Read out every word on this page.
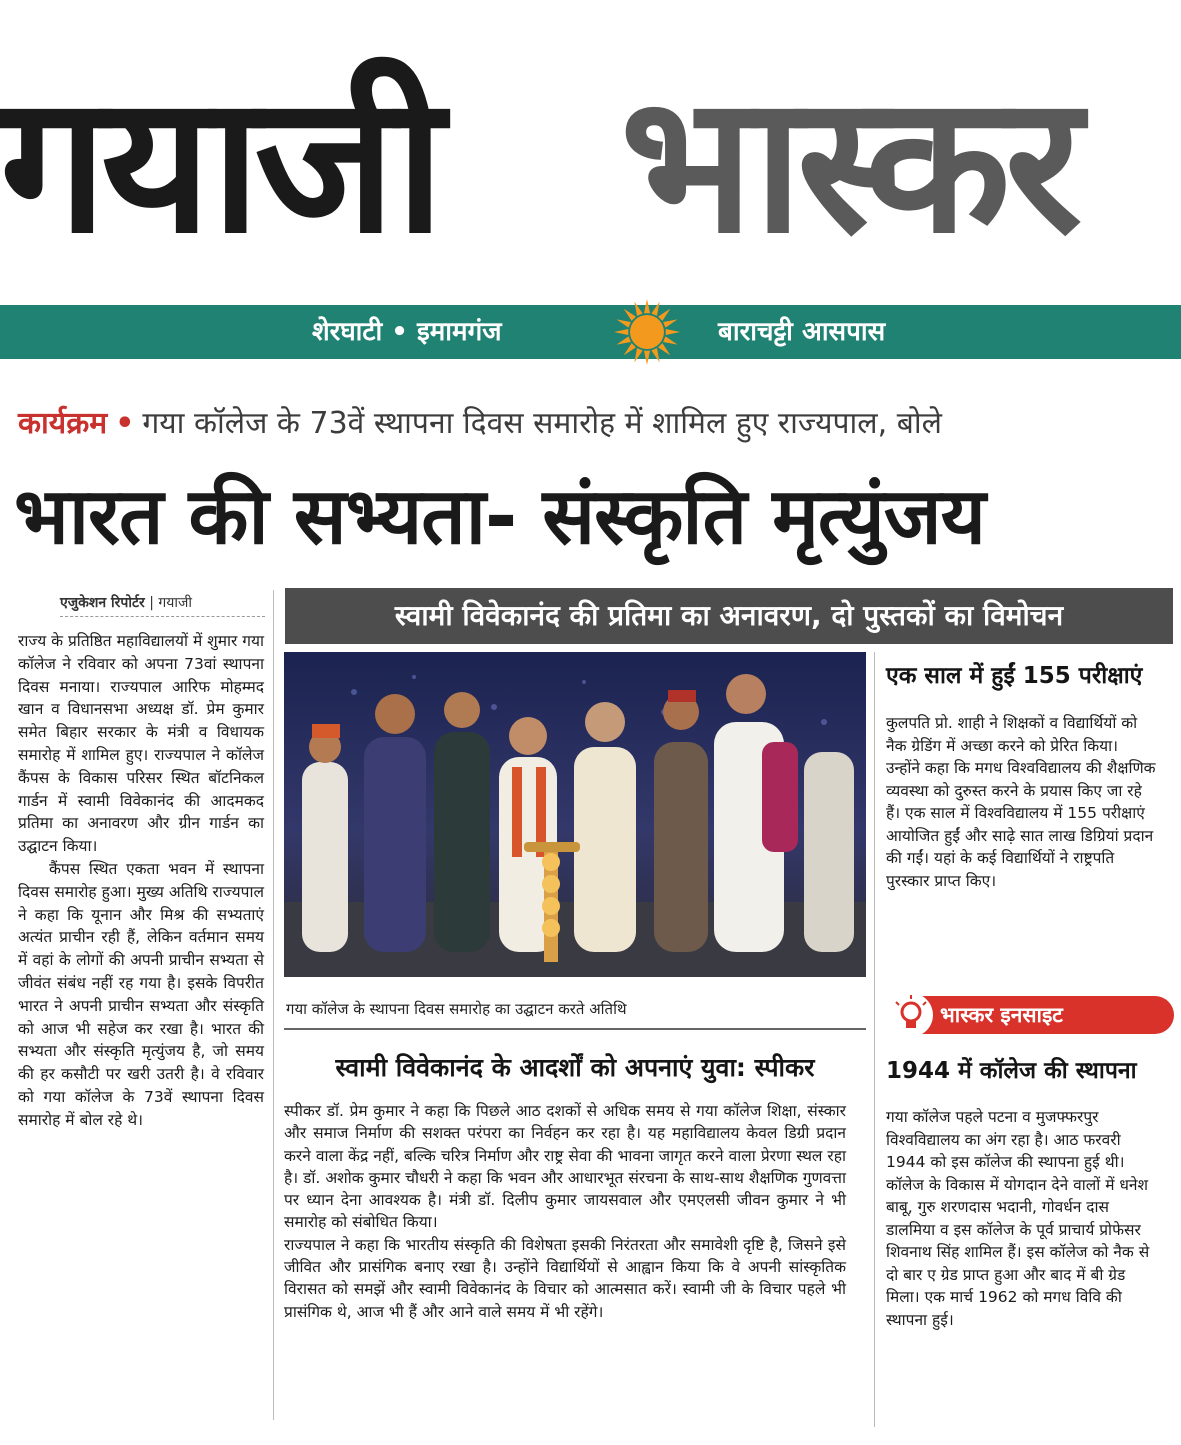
गयाजी भास्कर
शेरघाटी • इमामगंज	बाराचट्टी आसपास
कार्यक्रम • गया कॉलेज के 73वें स्थापना दिवस समारोह में शामिल हुए राज्यपाल, बोले
भारत की सभ्यता- संस्कृति मृत्युंजय
एजुकेशन रिपोर्टर | गयाजी	स्वामी विवेकानंद की प्रतिमा का अनावरण, दो पुस्तकों का विमोचन

राज्य के प्रतिष्ठित महाविद्यालयों में शुमार गया कॉलेज ने रविवार को अपना 73वां स्थापना दिवस मनाया। राज्यपाल आरिफ मोहम्मद खान व विधानसभा अध्यक्ष डॉ. प्रेम कुमार समेत बिहार सरकार के मंत्री व विधायक समारोह में शामिल हुए। राज्यपाल ने कॉलेज कैंपस के विकास परिसर स्थित बॉटनिकल गार्डन में स्वामी विवेकानंद की आदमकद प्रतिमा का अनावरण और ग्रीन गार्डन का उद्घाटन किया।

कैंपस स्थित एकता भवन में स्थापना दिवस समारोह हुआ। मुख्य अतिथि राज्यपाल ने कहा कि यूनान और मिश्र की सभ्यताएं अत्यंत प्राचीन रही हैं, लेकिन वर्तमान समय में वहां के लोगों की अपनी प्राचीन सभ्यता से जीवंत संबंध नहीं रह गया है। इसके विपरीत भारत ने अपनी प्राचीन सभ्यता और संस्कृति को आज भी सहेज कर रखा है। भारत की सभ्यता और संस्कृति मृत्युंजय है, जो समय की हर कसौटी पर खरी उतरी है। वे रविवार को गया कॉलेज के 73वें स्थापना दिवस समारोह में बोल रहे थे।

गया कॉलेज के स्थापना दिवस समारोह का उद्घाटन करते अतिथि
स्वामी विवेकानंद के आदर्शों को अपनाएं युवा: स्पीकर

स्पीकर डॉ. प्रेम कुमार ने कहा कि पिछले आठ दशकों से अधिक समय से गया कॉलेज शिक्षा, संस्कार और समाज निर्माण की सशक्त परंपरा का निर्वहन कर रहा है। यह महाविद्यालय केवल डिग्री प्रदान करने वाला केंद्र नहीं, बल्कि चरित्र निर्माण और राष्ट्र सेवा की भावना जागृत करने वाला प्रेरणा स्थल रहा है। डॉ. अशोक कुमार चौधरी ने कहा कि भवन और आधारभूत संरचना के साथ-साथ शैक्षणिक गुणवत्ता पर ध्यान देना आवश्यक है। मंत्री डॉ. दिलीप कुमार जायसवाल और एमएलसी जीवन कुमार ने भी समारोह को संबोधित किया।

राज्यपाल ने कहा कि भारतीय संस्कृति की विशेषता इसकी निरंतरता और समावेशी दृष्टि है, जिसने इसे जीवित और प्रासंगिक बनाए रखा है। उन्होंने विद्यार्थियों से आह्वान किया कि वे अपनी सांस्कृतिक विरासत को समझें और स्वामी विवेकानंद के विचार को आत्मसात करें। स्वामी जी के विचार पहले भी प्रासंगिक थे, आज भी हैं और आने वाले समय में भी रहेंगे।

एक साल में हुईं 155 परीक्षाएं

कुलपति प्रो. शाही ने शिक्षकों व विद्यार्थियों को नैक ग्रेडिंग में अच्छा करने को प्रेरित किया।

उन्होंने कहा कि मगध विश्वविद्यालय की शैक्षणिक व्यवस्था को दुरुस्त करने के प्रयास किए जा रहे हैं। एक साल में विश्वविद्यालय में 155 परीक्षाएं आयोजित हुईं और साढ़े सात लाख डिग्रियां प्रदान की गईं। यहां के कई विद्यार्थियों ने राष्ट्रपति पुरस्कार प्राप्त किए।

भास्कर इनसाइट
1944 में कॉलेज की स्थापना

गया कॉलेज पहले पटना व मुजफ्फरपुर विश्वविद्यालय का अंग रहा है। आठ फरवरी 1944 को इस कॉलेज की स्थापना हुई थी।

कॉलेज के विकास में योगदान देने वालों में धनेश बाबू, गुरु शरणदास भदानी, गोवर्धन दास डालमिया व इस कॉलेज के पूर्व प्राचार्य प्रोफेसर शिवनाथ सिंह शामिल हैं। इस कॉलेज को नैक से दो बार ए ग्रेड प्राप्त हुआ और बाद में बी ग्रेड मिला। एक मार्च 1962 को मगध विवि की स्थापना हुई।
